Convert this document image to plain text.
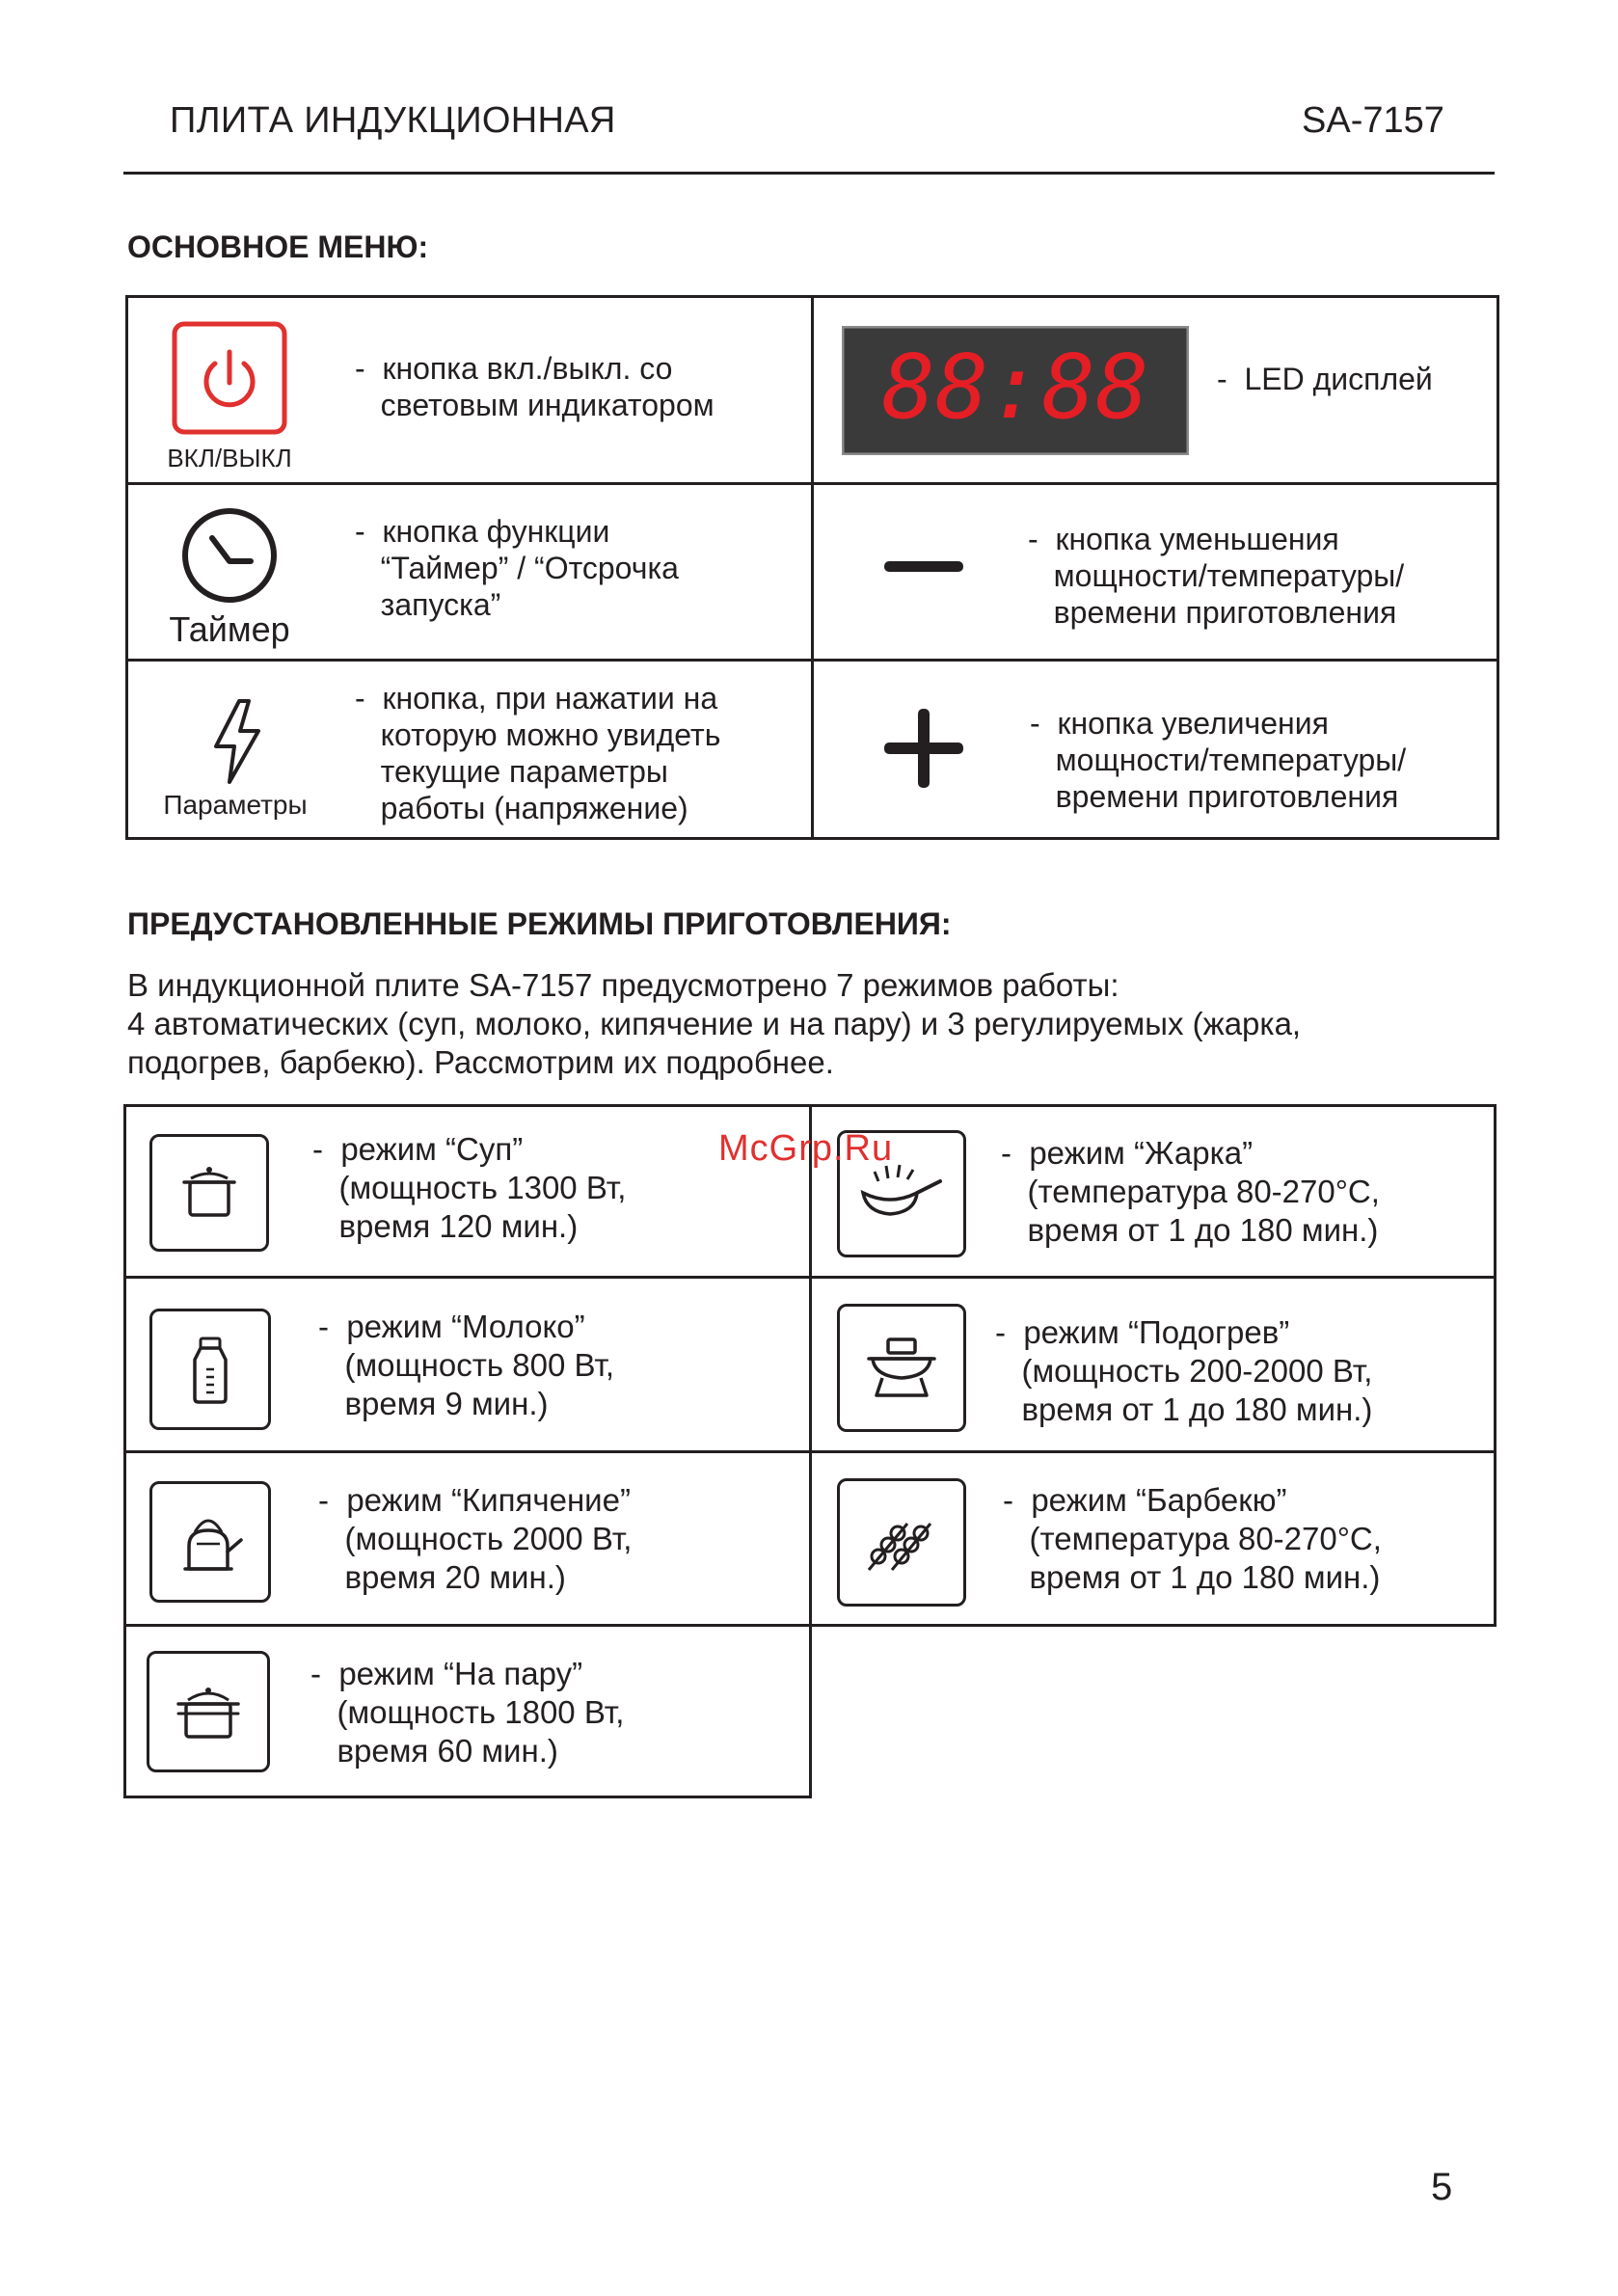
ПЛИТА ИНДУКЦИОННАЯ	SA-7157
ОСНОВНОЕ МЕНЮ:
ВКЛ/ВЫКЛ
-  кнопка вкл./выкл. со
световым индикатором 88:88 -  LED дисплей
Таймер
-  кнопка функции
“Таймер” / “Отсрочка
запуска”
-  кнопка уменьшения
мощности/температуры/
времени приготовления
Параметры
-  кнопка, при нажатии на
которую можно увидеть
текущие параметры
работы (напряжение)
-  кнопка увеличения
мощности/температуры/
времени приготовления
ПРЕДУСТАНОВЛЕННЫЕ РЕЖИМЫ ПРИГОТОВЛЕНИЯ:
В индукционной плите SA-7157 предусмотрено 7 режимов работы:
4 автоматических (суп, молоко, кипячение и на пару) и 3 регулируемых (жарка,
подогрев, барбекю). Рассмотрим их подробнее.
-  режим “Суп”
(мощность 1300 Вт,
время 120 мин.)
-  режим “Жарка”
(температура 80-270°С,
время от 1 до 180 мин.)
-  режим “Молоко”
(мощность 800 Вт,
время 9 мин.)
-  режим “Подогрев”
(мощность 200-2000 Вт,
время от 1 до 180 мин.)
-  режим “Кипячение”
(мощность 2000 Вт,
время 20 мин.)
-  режим “Барбекю”
(температура 80-270°С,
время от 1 до 180 мин.)
-  режим “На пару”
(мощность 1800 Вт,
время 60 мин.)
McGrp.Ru
5
